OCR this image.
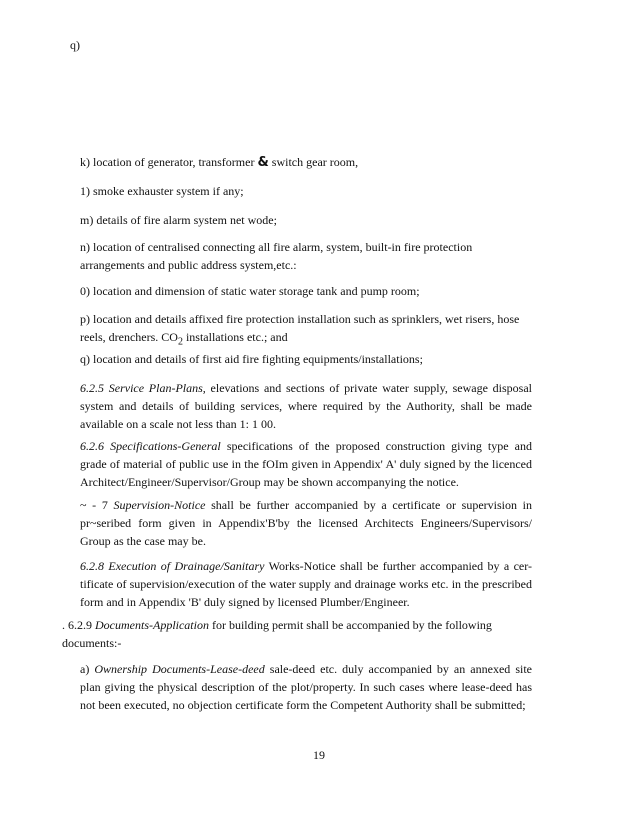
q)

k) location of generator, transformer & switch gear room,

1) smoke exhauster system if any;

m) details of fire alarm system net wode;

n) location of centralised connecting all fire alarm, system, built-in fire protection arrangements and public address system,etc.:

0) location and dimension of static water storage tank and pump room;

p) location and details affixed fire protection installation such as sprinklers, wet risers, hose reels, drenchers. $CO_2$ installations etc.; and

q) location and details of first aid fire fighting equipments/installations;

6.2.5 Service Plan-Plans, elevations and sections of private water supply, sewage disposal system and details of building services, where required by the Authority, shall be made available on a scale not less than 1: 1 00.

6.2.6 Specifications-General specifications of the proposed construction giving type and grade of material of public use in the fOIm given in Appendix' A' duly signed by the licenced Architect/Engineer/Supervisor/Group may be shown accompanying the notice.

~ - 7 Supervision-Notice shall be further accompanied by a certificate or supervision in pr~seribed form given in Appendix'B'by the licensed Architects Engineers/Supervisors/ Group as the case may be.

6.2.8 Execution of Drainage/Sanitary Works-Notice shall be further accompanied by a cer- tificate of supervision/execution of the water supply and drainage works etc. in the prescribed form and in Appendix 'B' duly signed by licensed Plumber/Engineer.

. 6.2.9 Documents-Application for building permit shall be accompanied by the following documents:-

a) Ownership Documents-Lease-deed sale-deed etc. duly accompanied by an annexed site plan giving the physical description of the plot/property. In such cases where lease-deed has not been executed, no objection certificate form the Competent Authority shall be submitted;

19
